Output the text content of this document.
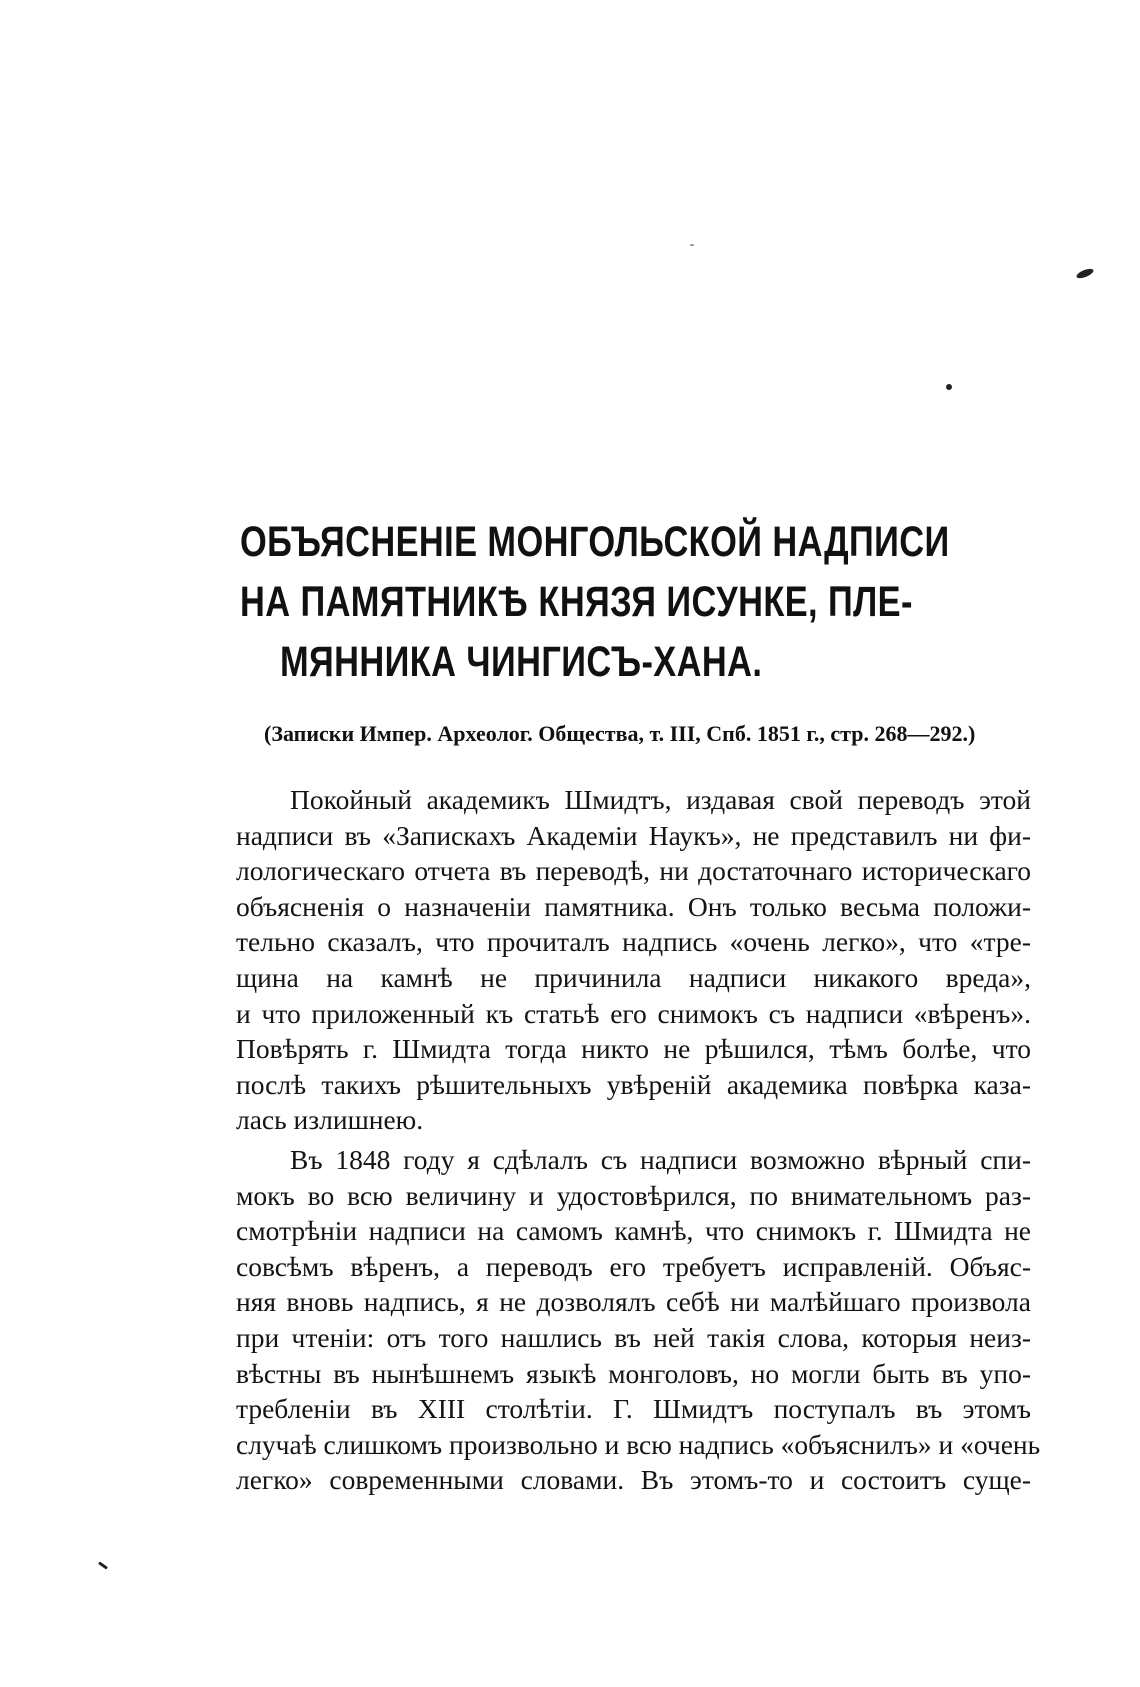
ОБЪЯСНЕНІЕ МОНГОЛЬСКОЙ НАДПИСИ
НА ПАМЯТНИКѢ КНЯЗЯ ИСУНКЕ, ПЛЕ-
МЯННИКА ЧИНГИСЪ-ХАНА.

(Записки Импер. Археолог. Общества, т. III, Спб. 1851 г., стр. 268—292.)

Покойный академикъ Шмидтъ, издавая свой переводъ этой
надписи въ «Запискахъ Академіи Наукъ», не представилъ ни фи-
лологическаго отчета въ переводѣ, ни достаточнаго историческаго
объясненія о назначеніи памятника. Онъ только весьма положи-
тельно сказалъ, что прочиталъ надпись «очень легко», что «тре-
щина на камнѣ не причинила надписи никакого вреда»,
и что приложенный къ статьѣ его снимокъ съ надписи «вѣренъ».
Повѣрять г. Шмидта тогда никто не рѣшился, тѣмъ болѣе, что
послѣ такихъ рѣшительныхъ увѣреній академика повѣрка каза-
лась излишнею.

Въ 1848 году я сдѣлалъ съ надписи возможно вѣрный спи-
мокъ во всю величину и удостовѣрился, по внимательномъ раз-
смотрѣніи надписи на самомъ камнѣ, что снимокъ г. Шмидта не
совсѣмъ вѣренъ, а переводъ его требуетъ исправленій. Объяс-
няя вновь надпись, я не дозволялъ себѣ ни малѣйшаго произвола
при чтеніи: отъ того нашлись въ ней такія слова, которыя неиз-
вѣстны въ нынѣшнемъ языкѣ монголовъ, но могли быть въ упо-
требленіи въ XIII столѣтіи. Г. Шмидтъ поступалъ въ этомъ
случаѣ слишкомъ произвольно и всю надпись «объяснилъ» и «очень
легко» современными словами. Въ этомъ-то и состоитъ суще-
